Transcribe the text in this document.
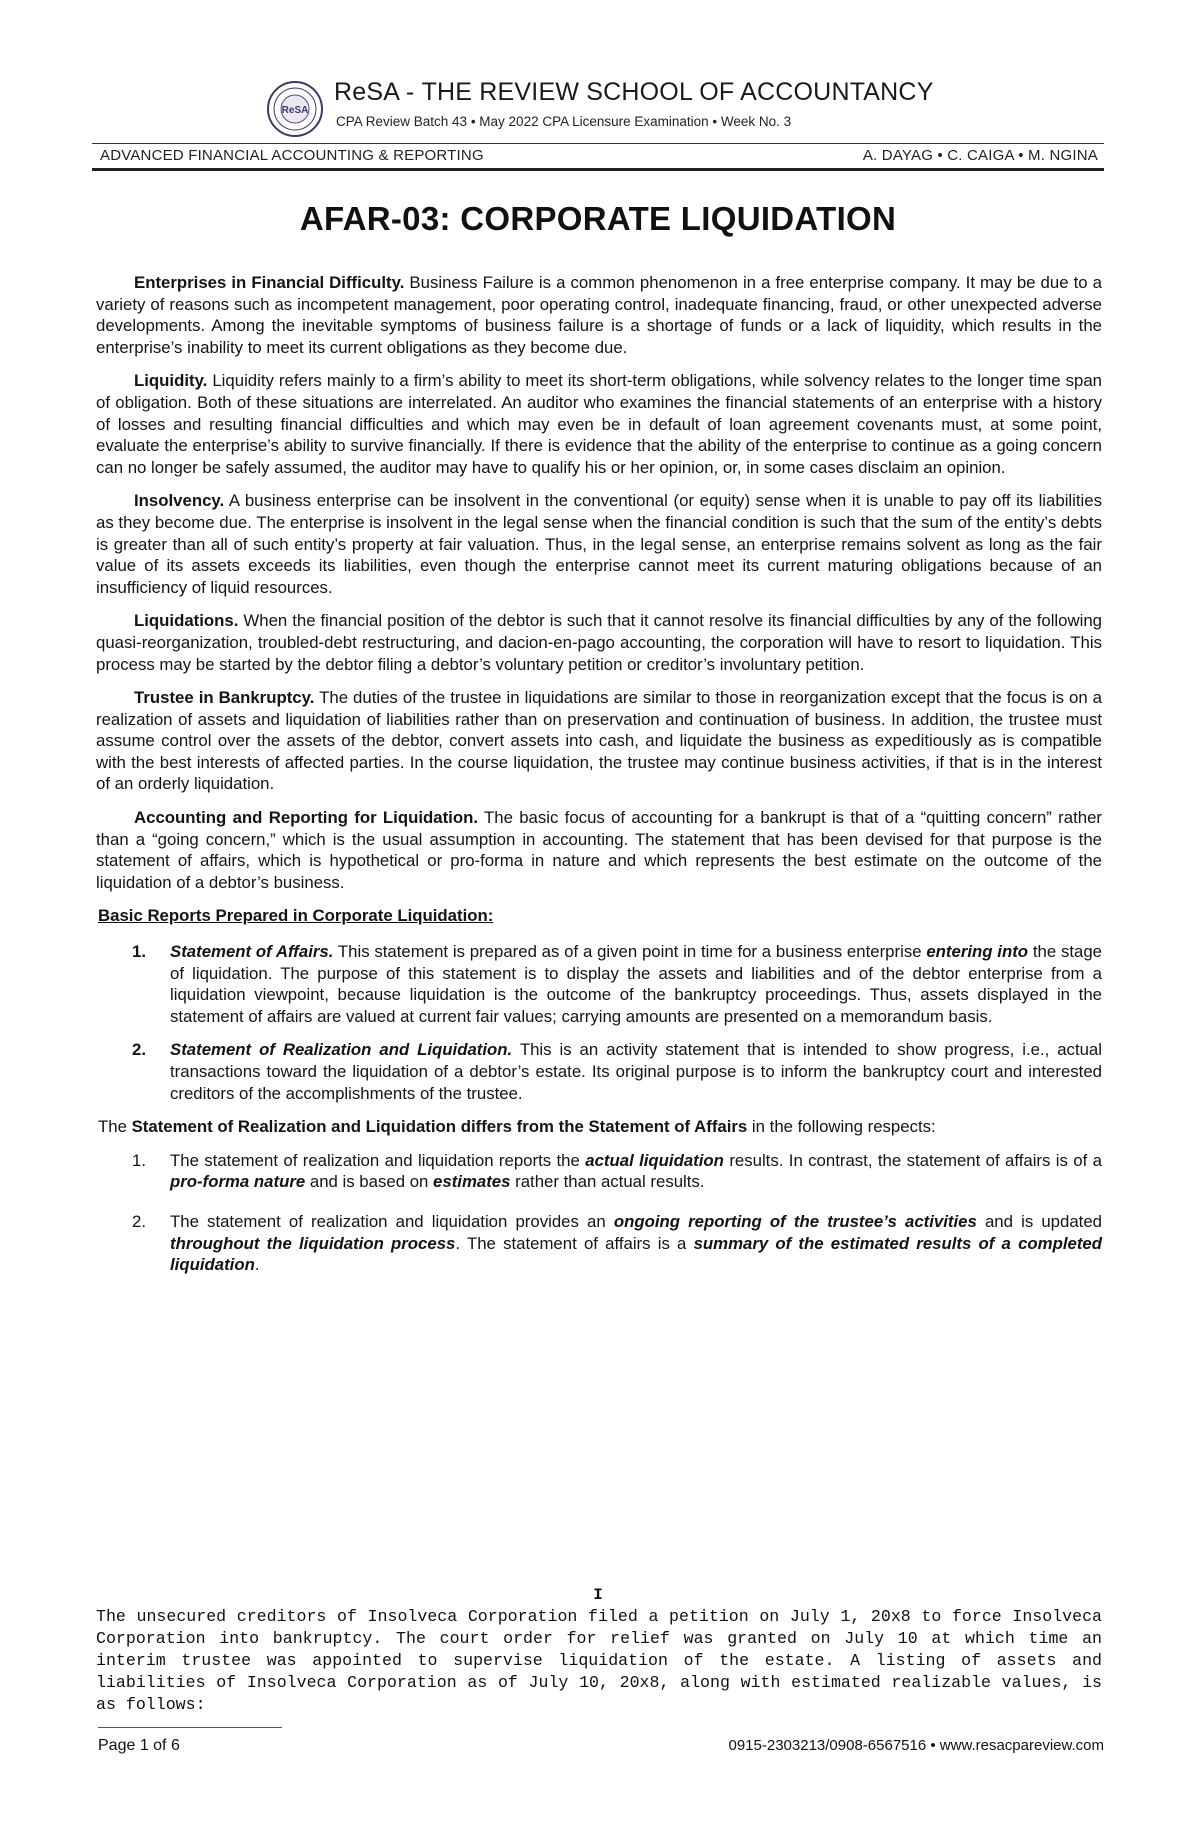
ReSA
ReSA - THE REVIEW SCHOOL OF ACCOUNTANCY
CPA Review Batch 43 • May 2022 CPA Licensure Examination • Week No. 3
ADVANCED FINANCIAL ACCOUNTING & REPORTING	A. DAYAG • C. CAIGA • M. NGINA
AFAR-03: CORPORATE LIQUIDATION

Enterprises in Financial Difficulty. Business Failure is a common phenomenon in a free enterprise company. It may be due to a variety of reasons such as incompetent management, poor operating control, inadequate financing, fraud, or other unexpected adverse developments. Among the inevitable symptoms of business failure is a shortage of funds or a lack of liquidity, which results in the enterprise’s inability to meet its current obligations as they become due.

Liquidity. Liquidity refers mainly to a firm’s ability to meet its short-term obligations, while solvency relates to the longer time span of obligation. Both of these situations are interrelated. An auditor who examines the financial statements of an enterprise with a history of losses and resulting financial difficulties and which may even be in default of loan agreement covenants must, at some point, evaluate the enterprise’s ability to survive financially. If there is evidence that the ability of the enterprise to continue as a going concern can no longer be safely assumed, the auditor may have to qualify his or her opinion, or, in some cases disclaim an opinion.

Insolvency. A business enterprise can be insolvent in the conventional (or equity) sense when it is unable to pay off its liabilities as they become due. The enterprise is insolvent in the legal sense when the financial condition is such that the sum of the entity’s debts is greater than all of such entity’s property at fair valuation. Thus, in the legal sense, an enterprise remains solvent as long as the fair value of its assets exceeds its liabilities, even though the enterprise cannot meet its current maturing obligations because of an insufficiency of liquid resources.

Liquidations. When the financial position of the debtor is such that it cannot resolve its financial difficulties by any of the following quasi-reorganization, troubled-debt restructuring, and dacion-en-pago accounting, the corporation will have to resort to liquidation. This process may be started by the debtor filing a debtor’s voluntary petition or creditor’s involuntary petition.

Trustee in Bankruptcy. The duties of the trustee in liquidations are similar to those in reorganization except that the focus is on a realization of assets and liquidation of liabilities rather than on preservation and continuation of business. In addition, the trustee must assume control over the assets of the debtor, convert assets into cash, and liquidate the business as expeditiously as is compatible with the best interests of affected parties. In the course liquidation, the trustee may continue business activities, if that is in the interest of an orderly liquidation.

Accounting and Reporting for Liquidation. The basic focus of accounting for a bankrupt is that of a “quitting concern” rather than a “going concern,” which is the usual assumption in accounting. The statement that has been devised for that purpose is the statement of affairs, which is hypothetical or pro-forma in nature and which represents the best estimate on the outcome of the liquidation of a debtor’s business.

Basic Reports Prepared in Corporate Liquidation:
1. Statement of Affairs. This statement is prepared as of a given point in time for a business enterprise entering into the stage of liquidation. The purpose of this statement is to display the assets and liabilities and of the debtor enterprise from a liquidation viewpoint, because liquidation is the outcome of the bankruptcy proceedings. Thus, assets displayed in the statement of affairs are valued at current fair values; carrying amounts are presented on a memorandum basis.
2. Statement of Realization and Liquidation. This is an activity statement that is intended to show progress, i.e., actual transactions toward the liquidation of a debtor’s estate. Its original purpose is to inform the bankruptcy court and interested creditors of the accomplishments of the trustee.
The Statement of Realization and Liquidation differs from the Statement of Affairs in the following respects:
1. The statement of realization and liquidation reports the actual liquidation results. In contrast, the statement of affairs is of a pro-forma nature and is based on estimates rather than actual results.
2. The statement of realization and liquidation provides an ongoing reporting of the trustee’s activities and is updated throughout the liquidation process. The statement of affairs is a summary of the estimated results of a completed liquidation.
I
The unsecured creditors of Insolveca Corporation filed a petition on July 1, 20x8 to force Insolveca Corporation into bankruptcy. The court order for relief was granted on July 10 at which time an interim trustee was appointed to supervise liquidation of the estate. A listing of assets and liabilities of Insolveca Corporation as of July 10, 20x8, along with estimated realizable values, is as follows:
Page 1 of 6	0915-2303213/0908-6567516 • www.resacpareview.com
